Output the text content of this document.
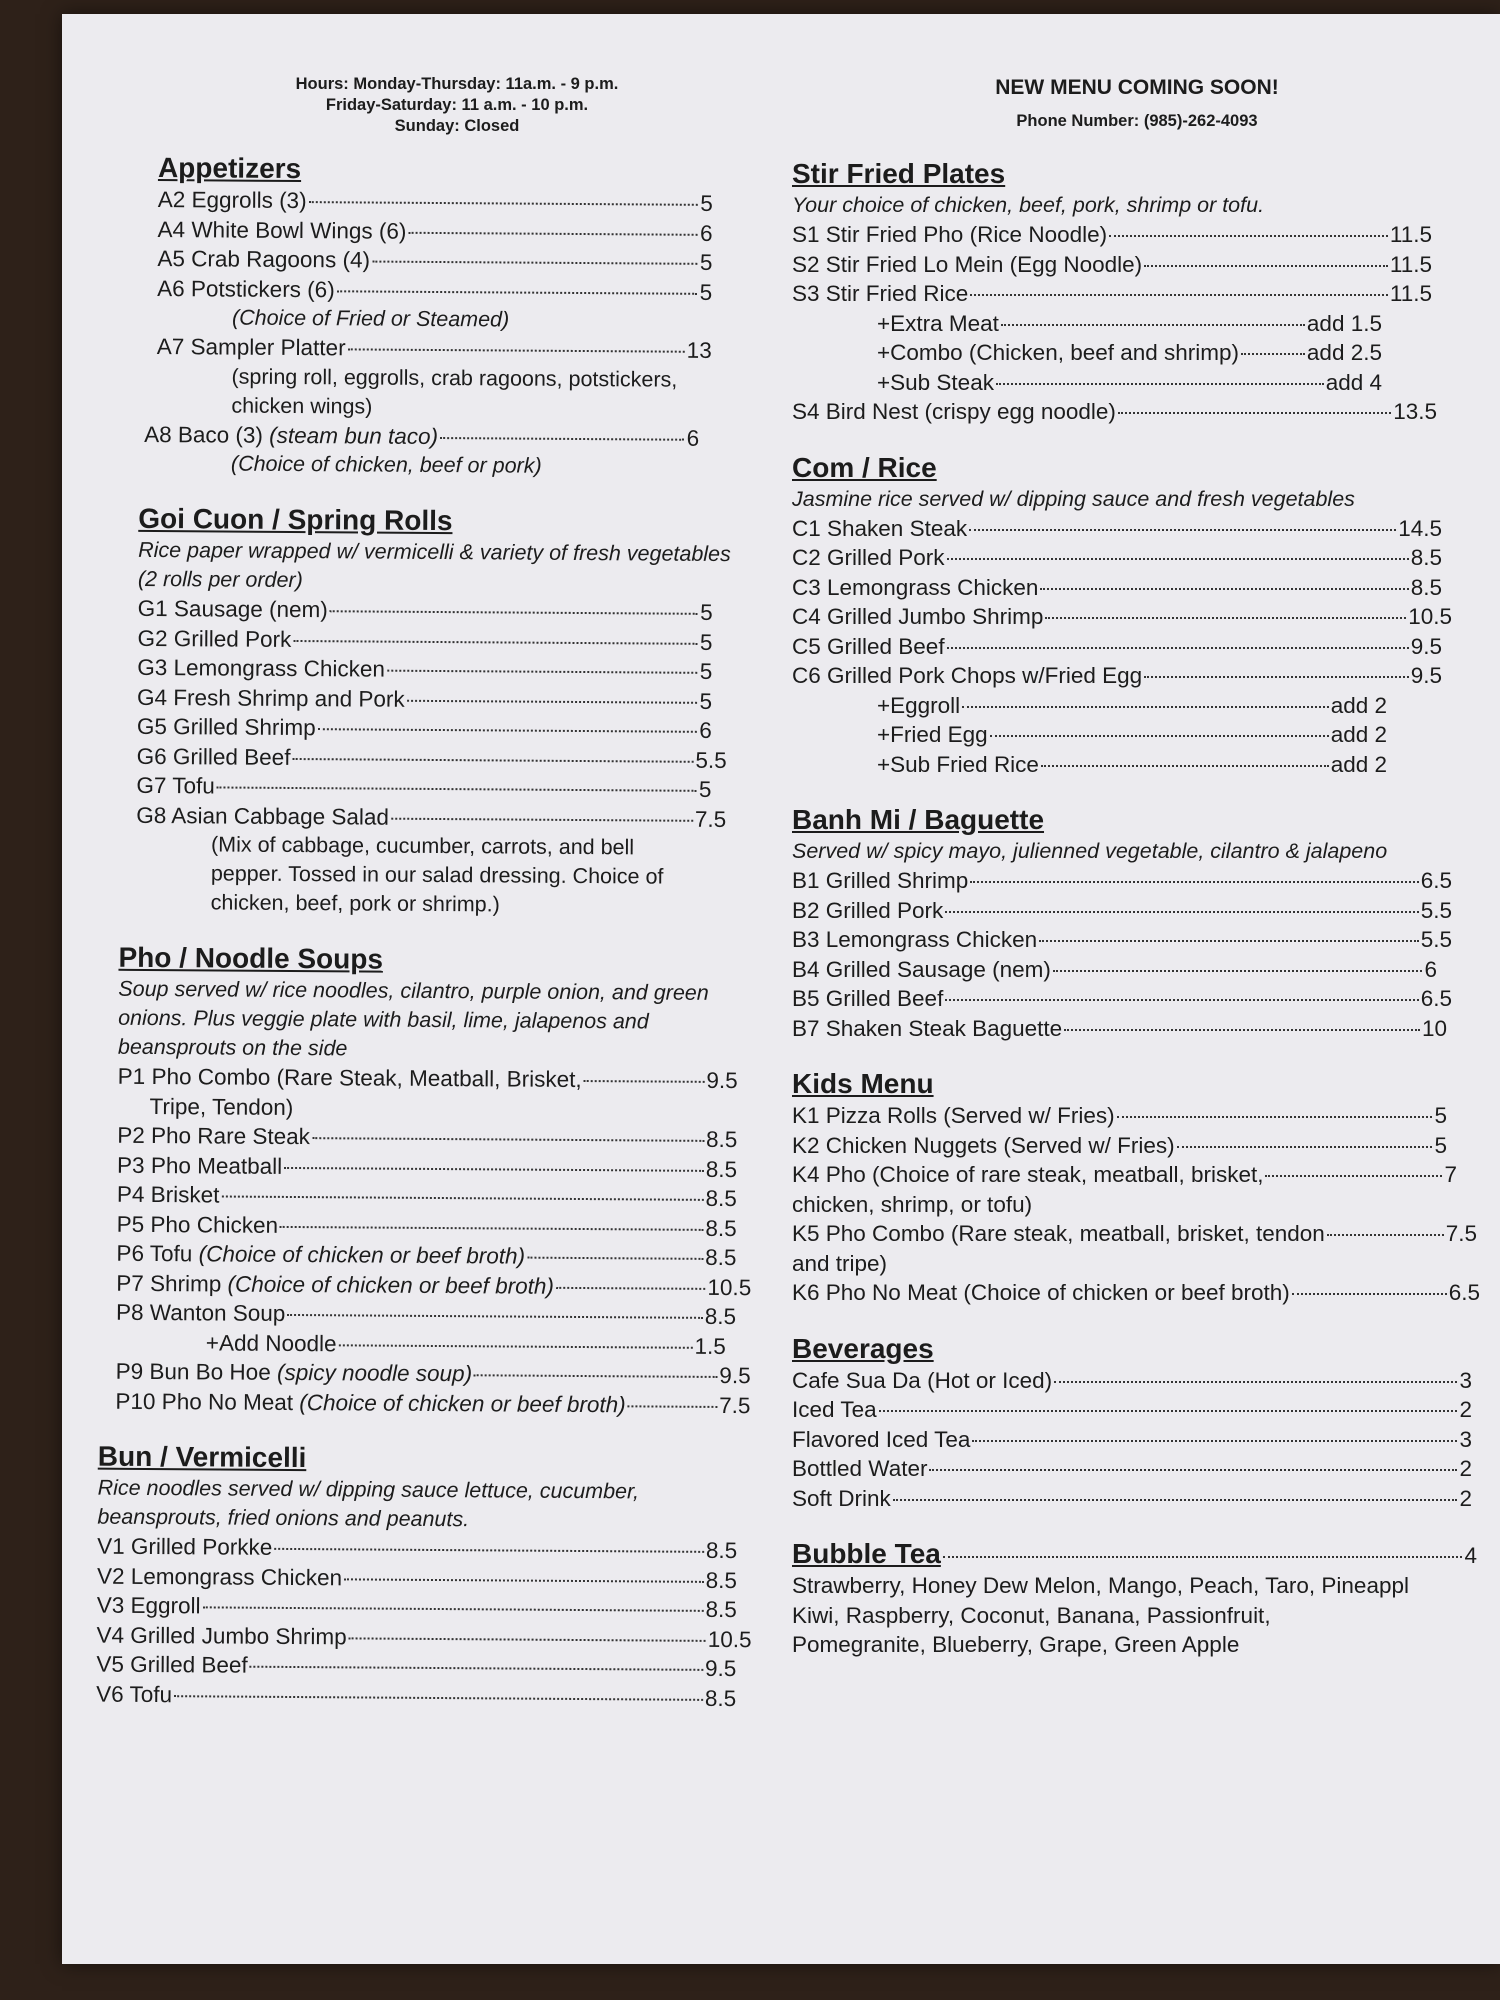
Hours: Monday-Thursday: 11a.m. - 9 p.m.
Friday-Saturday: 11 a.m. - 10 p.m.
Sunday: Closed
Appetizers
A2 Eggrolls (3)	5
A4 White Bowl Wings (6)	6
A5 Crab Ragoons (4)	5
A6 Potstickers (6)	5
(Choice of Fried or Steamed)
A7 Sampler Platter	13
(spring roll, eggrolls, crab ragoons, potstickers,
chicken wings)
A8 Baco (3) (steam bun taco)	6
(Choice of chicken, beef or pork)
Goi Cuon / Spring Rolls
Rice paper wrapped w/ vermicelli & variety of fresh vegetables
(2 rolls per order)
G1 Sausage (nem)	5
G2 Grilled Pork	5
G3 Lemongrass Chicken	5
G4 Fresh Shrimp and Pork	5
G5 Grilled Shrimp	6
G6 Grilled Beef	5.5
G7 Tofu	5
G8 Asian Cabbage Salad	7.5
(Mix of cabbage, cucumber, carrots, and bell
pepper. Tossed in our salad dressing. Choice of
chicken, beef, pork or shrimp.)
Pho / Noodle Soups
Soup served w/ rice noodles, cilantro, purple onion, and green
onions. Plus veggie plate with basil, lime, jalapenos and
beansprouts on the side
P1 Pho Combo (Rare Steak, Meatball, Brisket,	9.5
Tripe, Tendon)
P2 Pho Rare Steak	8.5
P3 Pho Meatball	8.5
P4 Brisket	8.5
P5 Pho Chicken	8.5
P6 Tofu (Choice of chicken or beef broth)	8.5
P7 Shrimp (Choice of chicken or beef broth)	10.5
P8 Wanton Soup	8.5
+Add Noodle	1.5
P9 Bun Bo Hoe (spicy noodle soup)	9.5
P10 Pho No Meat (Choice of chicken or beef broth)	7.5
Bun / Vermicelli
Rice noodles served w/ dipping sauce lettuce, cucumber,
beansprouts, fried onions and peanuts.
V1 Grilled Porkke	8.5
V2 Lemongrass Chicken	8.5
V3 Eggroll	8.5
V4 Grilled Jumbo Shrimp	10.5
V5 Grilled Beef	9.5
V6 Tofu	8.5
NEW MENU COMING SOON!
Phone Number: (985)-262-4093
Stir Fried Plates
Your choice of chicken, beef, pork, shrimp or tofu.
S1 Stir Fried Pho (Rice Noodle)	11.5
S2 Stir Fried Lo Mein (Egg Noodle)	11.5
S3 Stir Fried Rice	11.5
+Extra Meat	add 1.5
+Combo (Chicken, beef and shrimp)	add 2.5
+Sub Steak	add 4
S4 Bird Nest (crispy egg noodle)	13.5
Com / Rice
Jasmine rice served w/ dipping sauce and fresh vegetables
C1 Shaken Steak	14.5
C2 Grilled Pork	8.5
C3 Lemongrass Chicken	8.5
C4 Grilled Jumbo Shrimp	10.5
C5 Grilled Beef	9.5
C6 Grilled Pork Chops w/Fried Egg	9.5
+Eggroll	add 2
+Fried Egg	add 2
+Sub Fried Rice	add 2
Banh Mi / Baguette
Served w/ spicy mayo, julienned vegetable, cilantro & jalapeno
B1 Grilled Shrimp	6.5
B2 Grilled Pork	5.5
B3 Lemongrass Chicken	5.5
B4 Grilled Sausage (nem)	6
B5 Grilled Beef	6.5
B7 Shaken Steak Baguette	10
Kids Menu
K1 Pizza Rolls (Served w/ Fries)	5
K2 Chicken Nuggets (Served w/ Fries)	5
K4 Pho (Choice of rare steak, meatball, brisket,	7
chicken, shrimp, or tofu)
K5 Pho Combo (Rare steak, meatball, brisket, tendon	7.5
and tripe)
K6 Pho No Meat (Choice of chicken or beef broth)	6.5
Beverages
Cafe Sua Da (Hot or Iced)	3
Iced Tea	2
Flavored Iced Tea	3
Bottled Water	2
Soft Drink	2
Bubble Tea	4
Strawberry, Honey Dew Melon, Mango, Peach, Taro, Pineappl
Kiwi, Raspberry, Coconut, Banana, Passionfruit,
Pomegranite, Blueberry, Grape, Green Apple
